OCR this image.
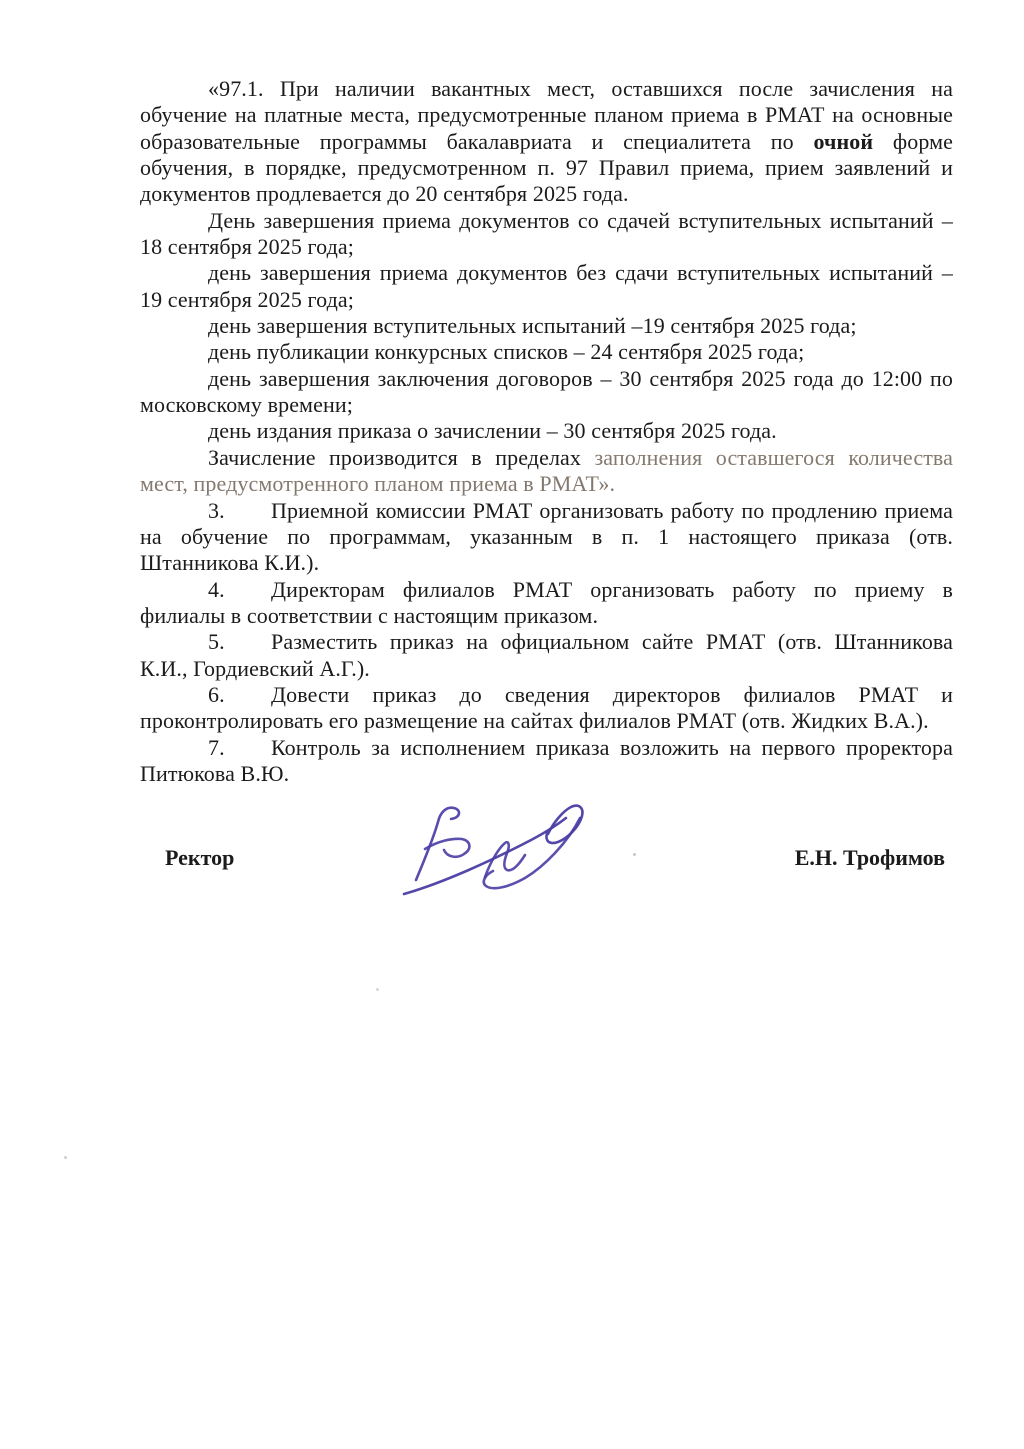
«97.1. При наличии вакантных мест, оставшихся после зачисления на
обучение на платные места, предусмотренные планом приема в РМАТ на основные
образовательные программы бакалавриата и специалитета по очной форме
обучения, в порядке, предусмотренном п. 97 Правил приема, прием заявлений и
документов продлевается до 20 сентября 2025 года.
День завершения приема документов со сдачей вступительных испытаний –
18 сентября 2025 года;
день завершения приема документов без сдачи вступительных испытаний –
19 сентября 2025 года;
день завершения вступительных испытаний –19 сентября 2025 года;
день публикации конкурсных списков – 24 сентября 2025 года;
день завершения заключения договоров – 30 сентября 2025 года до 12:00 по
московскому времени;
день издания приказа о зачислении – 30 сентября 2025 года.
Зачисление производится в пределах заполнения оставшегося количества
мест, предусмотренного планом приема в РМАТ».
3. Приемной комиссии РМАТ организовать работу по продлению приема
на обучение по программам, указанным в п. 1 настоящего приказа (отв.
Штанникова К.И.).
4. Директорам филиалов РМАТ организовать работу по приему в
филиалы в соответствии с настоящим приказом.
5. Разместить приказ на официальном сайте РМАТ (отв. Штанникова
К.И., Гордиевский А.Г.).
6. Довести приказ до сведения директоров филиалов РМАТ и
проконтролировать его размещение на сайтах филиалов РМАТ (отв. Жидких В.А.).
7. Контроль за исполнением приказа возложить на первого проректора
Питюкова В.Ю.
Ректор	Е.Н. Трофимов
